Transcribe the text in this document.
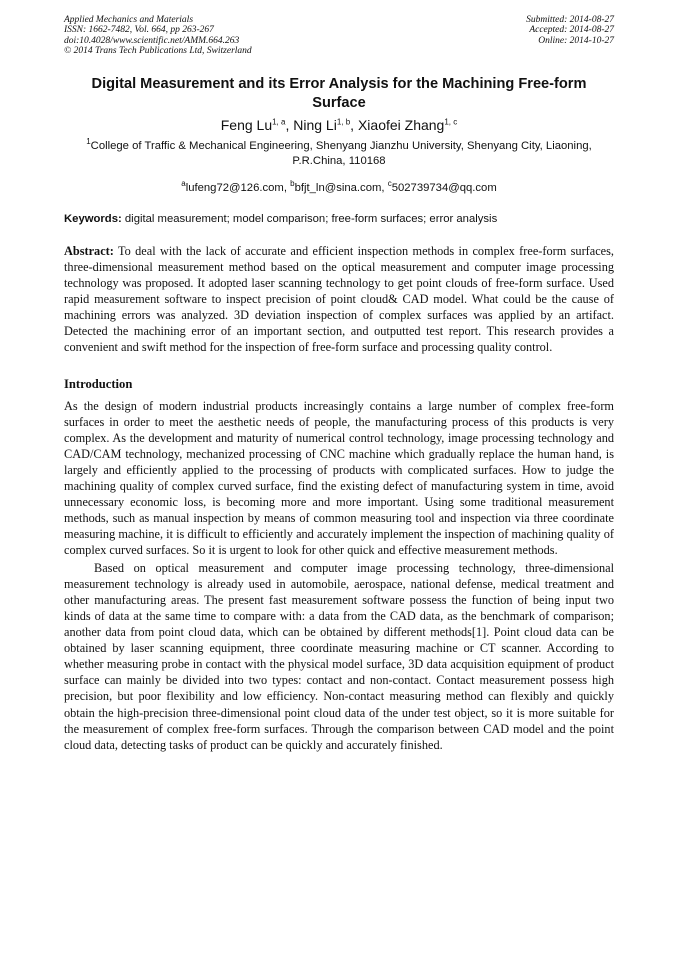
Applied Mechanics and Materials
ISSN: 1662-7482, Vol. 664, pp 263-267
doi:10.4028/www.scientific.net/AMM.664.263
© 2014 Trans Tech Publications Ltd, Switzerland
Submitted: 2014-08-27
Accepted: 2014-08-27
Online: 2014-10-27
Digital Measurement and its Error Analysis for the Machining Free-form Surface
Feng Lu$^{1, a}$, Ning Li$^{1, b}$, Xiaofei Zhang$^{1, c}$
$^1$College of Traffic & Mechanical Engineering, Shenyang Jianzhu University, Shenyang City, Liaoning, P.R.China, 110168
$^a$lufeng72@126.com, $^b$bfjt_ln@sina.com, $^c$502739734@qq.com
Keywords: digital measurement; model comparison; free-form surfaces; error analysis
Abstract: To deal with the lack of accurate and efficient inspection methods in complex free-form surfaces, three-dimensional measurement method based on the optical measurement and computer image processing technology was proposed. It adopted laser scanning technology to get point clouds of free-form surface. Used rapid measurement software to inspect precision of point cloud& CAD model. What could be the cause of machining errors was analyzed. 3D deviation inspection of complex surfaces was applied by an artifact. Detected the machining error of an important section, and outputted test report. This research provides a convenient and swift method for the inspection of free-form surface and processing quality control.
Introduction

As the design of modern industrial products increasingly contains a large number of complex free-form surfaces in order to meet the aesthetic needs of people, the manufacturing process of this products is very complex. As the development and maturity of numerical control technology, image processing technology and CAD/CAM technology, mechanized processing of CNC machine which gradually replace the human hand, is largely and efficiently applied to the processing of products with complicated surfaces. How to judge the machining quality of complex curved surface, find the existing defect of manufacturing system in time, avoid unnecessary economic loss, is becoming more and more important. Using some traditional measurement methods, such as manual inspection by means of common measuring tool and inspection via three coordinate measuring machine, it is difficult to efficiently and accurately implement the inspection of machining quality of complex curved surfaces. So it is urgent to look for other quick and effective measurement methods.

Based on optical measurement and computer image processing technology, three-dimensional measurement technology is already used in automobile, aerospace, national defense, medical treatment and other manufacturing areas. The present fast measurement software possess the function of being input two kinds of data at the same time to compare with: a data from the CAD data, as the benchmark of comparison; another data from point cloud data, which can be obtained by different methods[1]. Point cloud data can be obtained by laser scanning equipment, three coordinate measuring machine or CT scanner. According to whether measuring probe in contact with the physical model surface, 3D data acquisition equipment of product surface can mainly be divided into two types: contact and non-contact. Contact measurement possess high precision, but poor flexibility and low efficiency. Non-contact measuring method can flexibly and quickly obtain the high-precision three-dimensional point cloud data of the under test object, so it is more suitable for the measurement of complex free-form surfaces. Through the comparison between CAD model and the point cloud data, detecting tasks of product can be quickly and accurately finished.
